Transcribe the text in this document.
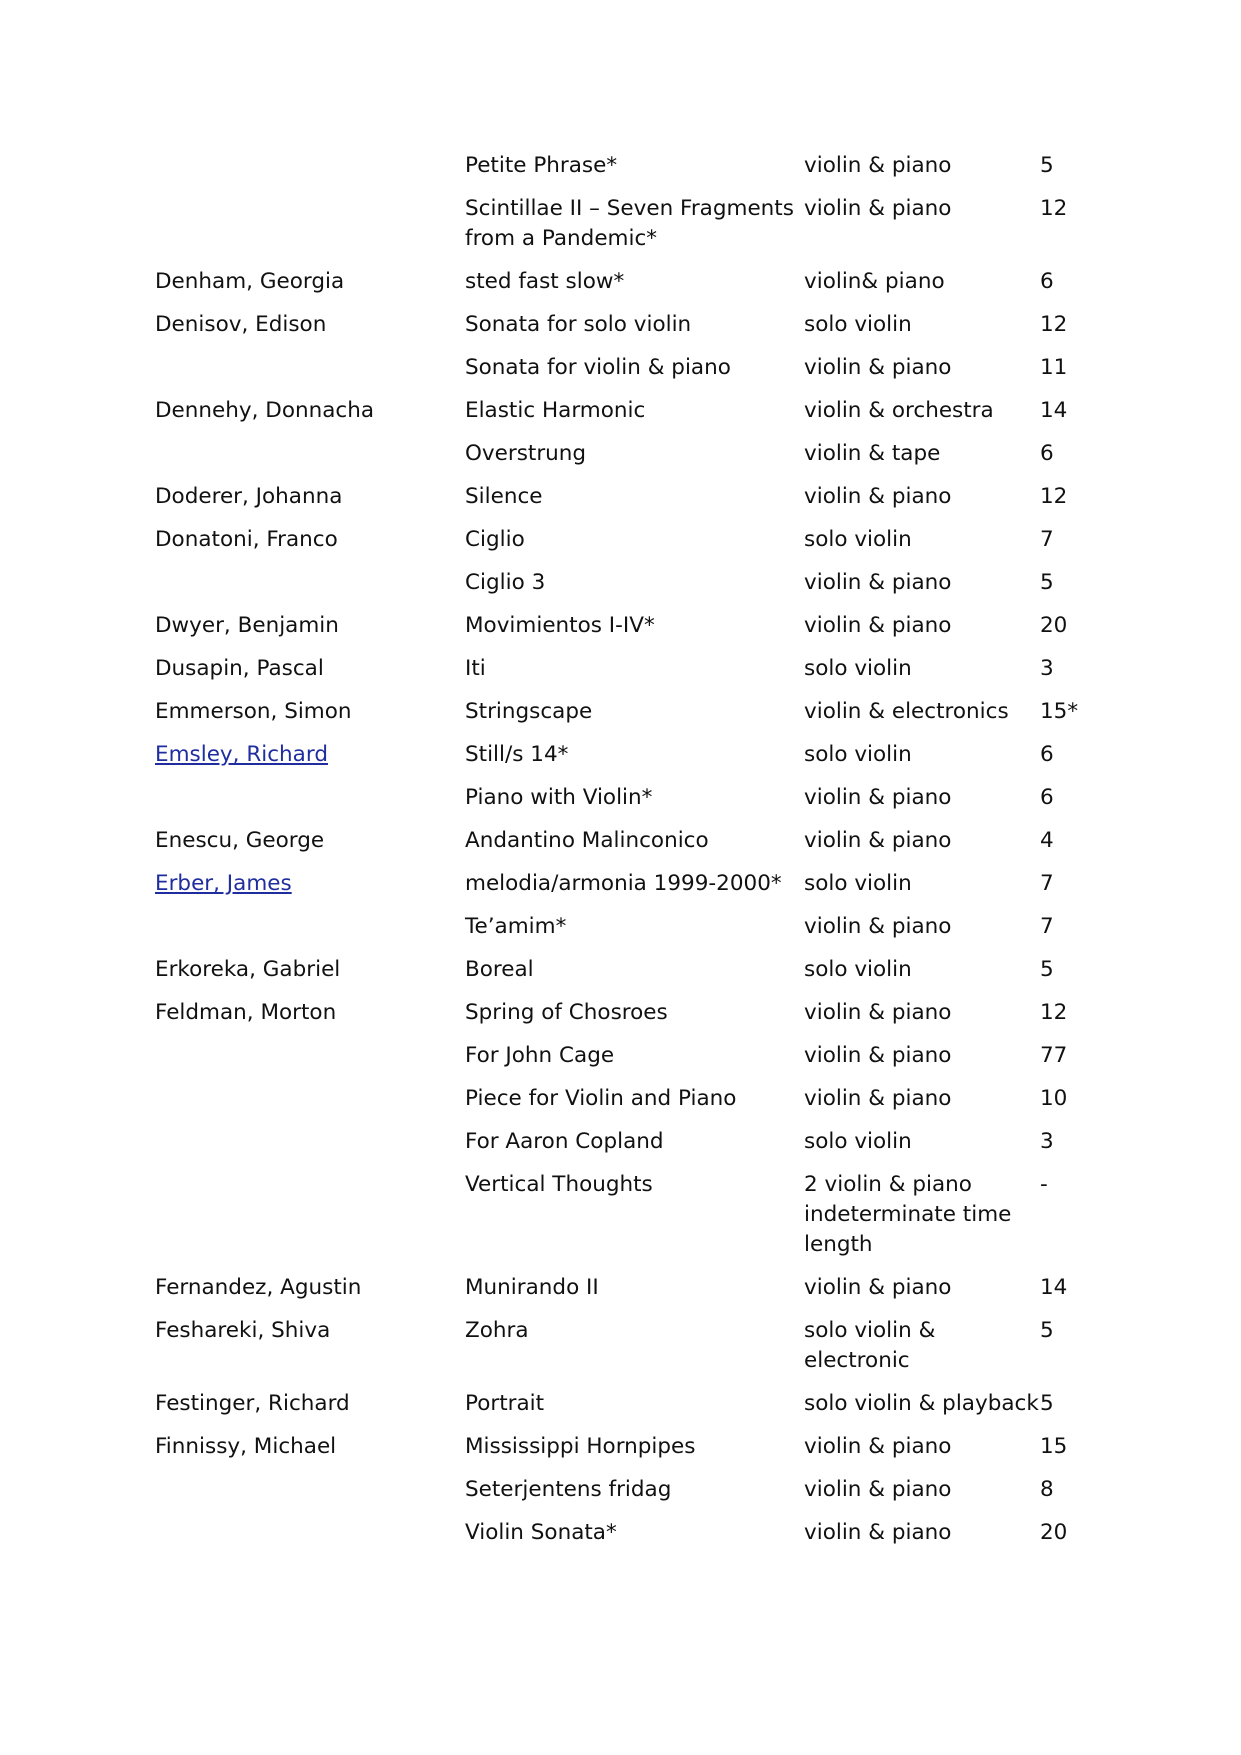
	Petite Phrase*	violin & piano	5
	Scintillae II – Seven Fragments from a Pandemic*	violin & piano	12
Denham, Georgia	sted fast slow*	violin& piano	6
Denisov, Edison	Sonata for solo violin	solo violin	12
	Sonata for violin & piano	violin & piano	11
Dennehy, Donnacha	Elastic Harmonic	violin & orchestra	14
	Overstrung	violin & tape	6
Doderer, Johanna	Silence	violin & piano	12
Donatoni, Franco	Ciglio	solo violin	7
	Ciglio 3	violin & piano	5
Dwyer, Benjamin	Movimientos I-IV*	violin & piano	20
Dusapin, Pascal	Iti	solo violin	3
Emmerson, Simon	Stringscape	violin & electronics	15*
Emsley, Richard	Still/s 14*	solo violin	6
	Piano with Violin*	violin & piano	6
Enescu, George	Andantino Malinconico	violin & piano	4
Erber, James	melodia/armonia 1999-2000*	solo violin	7
	Te’amim*	violin & piano	7
Erkoreka, Gabriel	Boreal	solo violin	5
Feldman, Morton	Spring of Chosroes	violin & piano	12
	For John Cage	violin & piano	77
	Piece for Violin and Piano	violin & piano	10
	For Aaron Copland	solo violin	3
	Vertical Thoughts	2 violin & piano indeterminate time length	-
Fernandez, Agustin	Munirando II	violin & piano	14
Feshareki, Shiva	Zohra	solo violin & electronic	5
Festinger, Richard	Portrait	solo violin & playback	5
Finnissy, Michael	Mississippi Hornpipes	violin & piano	15
	Seterjentens fridag	violin & piano	8
	Violin Sonata*	violin & piano	20
